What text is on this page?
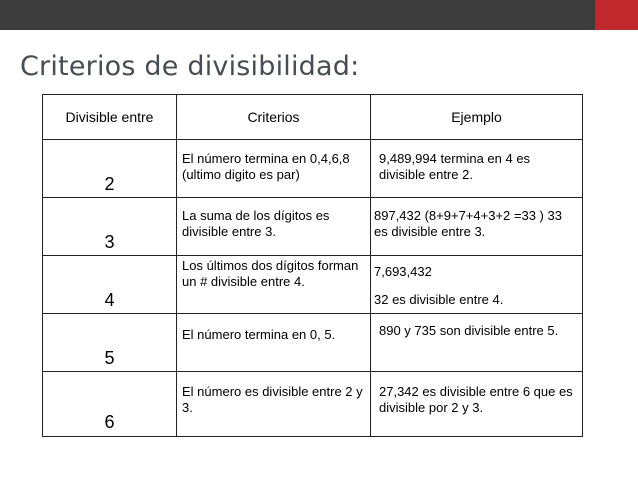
Criterios de divisibilidad:
Divisible entre	Criterios	Ejemplo

2	El número termina en 0,4,6,8 (ultimo digito es par)	9,489,994 termina en 4 es divisible entre 2.

3	La suma de los dígitos es divisible entre 3.	897,432 (8+9+7+4+3+2 =33 ) 33 es divisible entre 3.

4	Los últimos dos dígitos forman un # divisible entre 4.	7,693,432
32 es divisible entre 4.

5	El número termina en 0, 5.	890 y 735 son divisible entre 5.

6	El número es divisible entre 2 y 3.	27,342 es divisible entre 6 que es divisible por 2 y 3.
